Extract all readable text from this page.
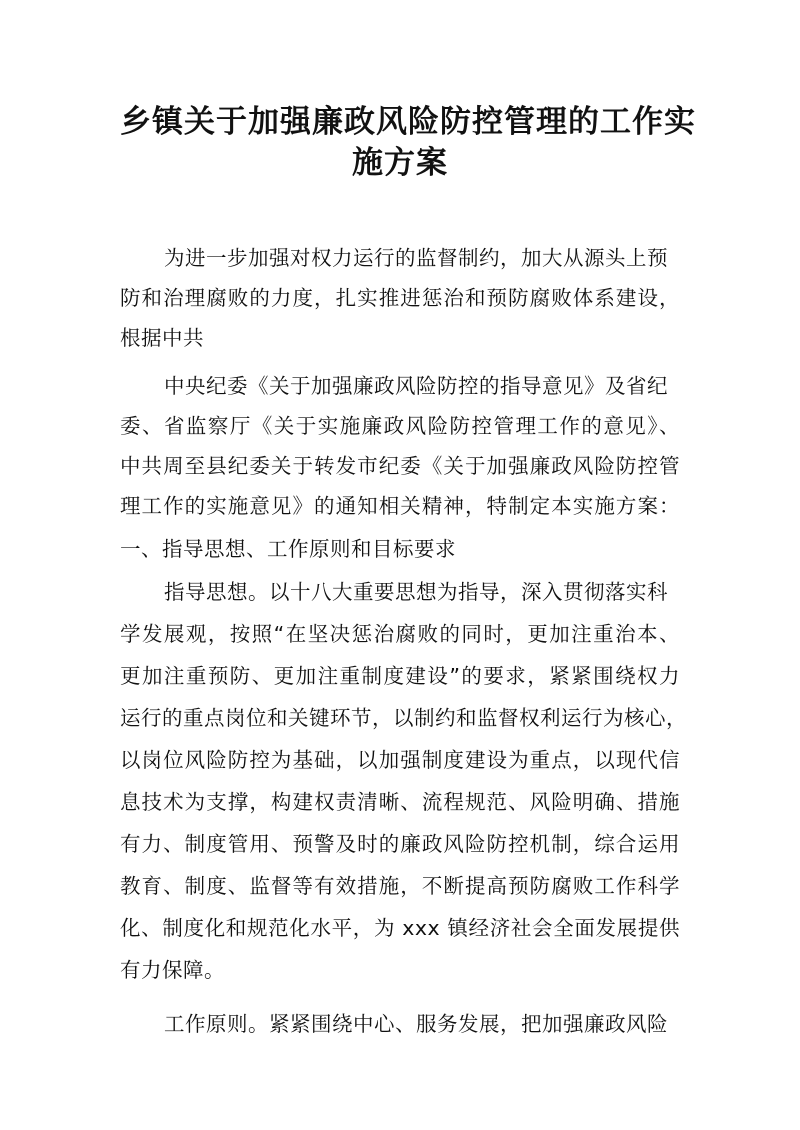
乡镇关于加强廉政风险防控管理的工作实
施方案
为进一步加强对权力运行的监督制约，加大从源头上预
防和治理腐败的力度，扎实推进惩治和预防腐败体系建设，
根据中共
中央纪委《关于加强廉政风险防控的指导意见》及省纪
委、省监察厅《关于实施廉政风险防控管理工作的意见》、
中共周至县纪委关于转发市纪委《关于加强廉政风险防控管
理工作的实施意见》的通知相关精神，特制定本实施方案：
一、指导思想、工作原则和目标要求
指导思想。以十八大重要思想为指导，深入贯彻落实科
学发展观，按照“在坚决惩治腐败的同时，更加注重治本、
更加注重预防、更加注重制度建设”的要求，紧紧围绕权力
运行的重点岗位和关键环节，以制约和监督权利运行为核心，
以岗位风险防控为基础，以加强制度建设为重点，以现代信
息技术为支撑，构建权责清晰、流程规范、风险明确、措施
有力、制度管用、预警及时的廉政风险防控机制，综合运用
教育、制度、监督等有效措施，不断提高预防腐败工作科学
化、制度化和规范化水平，为 xxx 镇经济社会全面发展提供
有力保障。
工作原则。紧紧围绕中心、服务发展，把加强廉政风险
